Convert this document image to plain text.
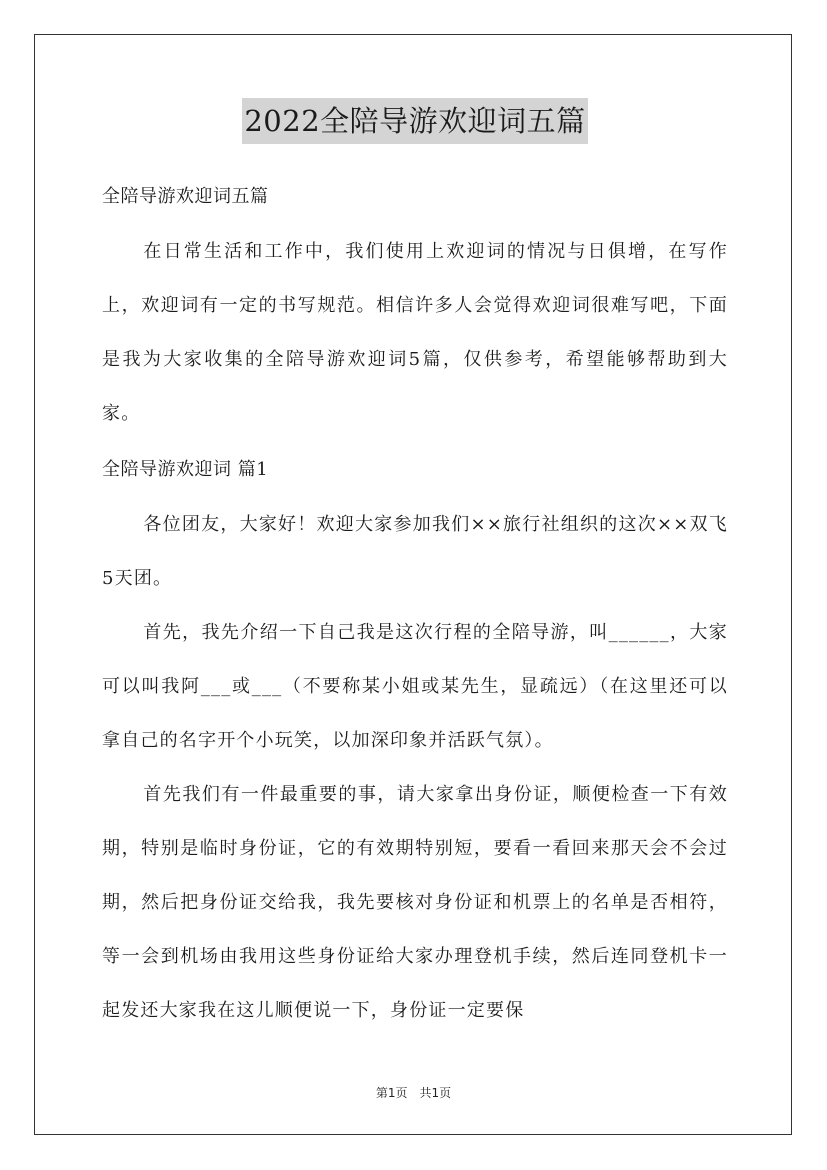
2022全陪导游欢迎词五篇

全陪导游欢迎词五篇

在日常生活和工作中，我们使用上欢迎词的情况与日俱增，在写作上，欢迎词有一定的书写规范。相信许多人会觉得欢迎词很难写吧，下面是我为大家收集的全陪导游欢迎词5篇，仅供参考，希望能够帮助到大家。

全陪导游欢迎词 篇1

各位团友，大家好！欢迎大家参加我们××旅行社组织的这次××双飞5天团。

首先，我先介绍一下自己我是这次行程的全陪导游，叫______，大家可以叫我阿___或___（不要称某小姐或某先生，显疏远）（在这里还可以拿自己的名字开个小玩笑，以加深印象并活跃气氛）。

首先我们有一件最重要的事，请大家拿出身份证，顺便检查一下有效期，特别是临时身份证，它的有效期特别短，要看一看回来那天会不会过期，然后把身份证交给我，我先要核对身份证和机票上的名单是否相符，等一会到机场由我用这些身份证给大家办理登机手续，然后连同登机卡一起发还大家我在这儿顺便说一下，身份证一定要保

第1页　共1页
